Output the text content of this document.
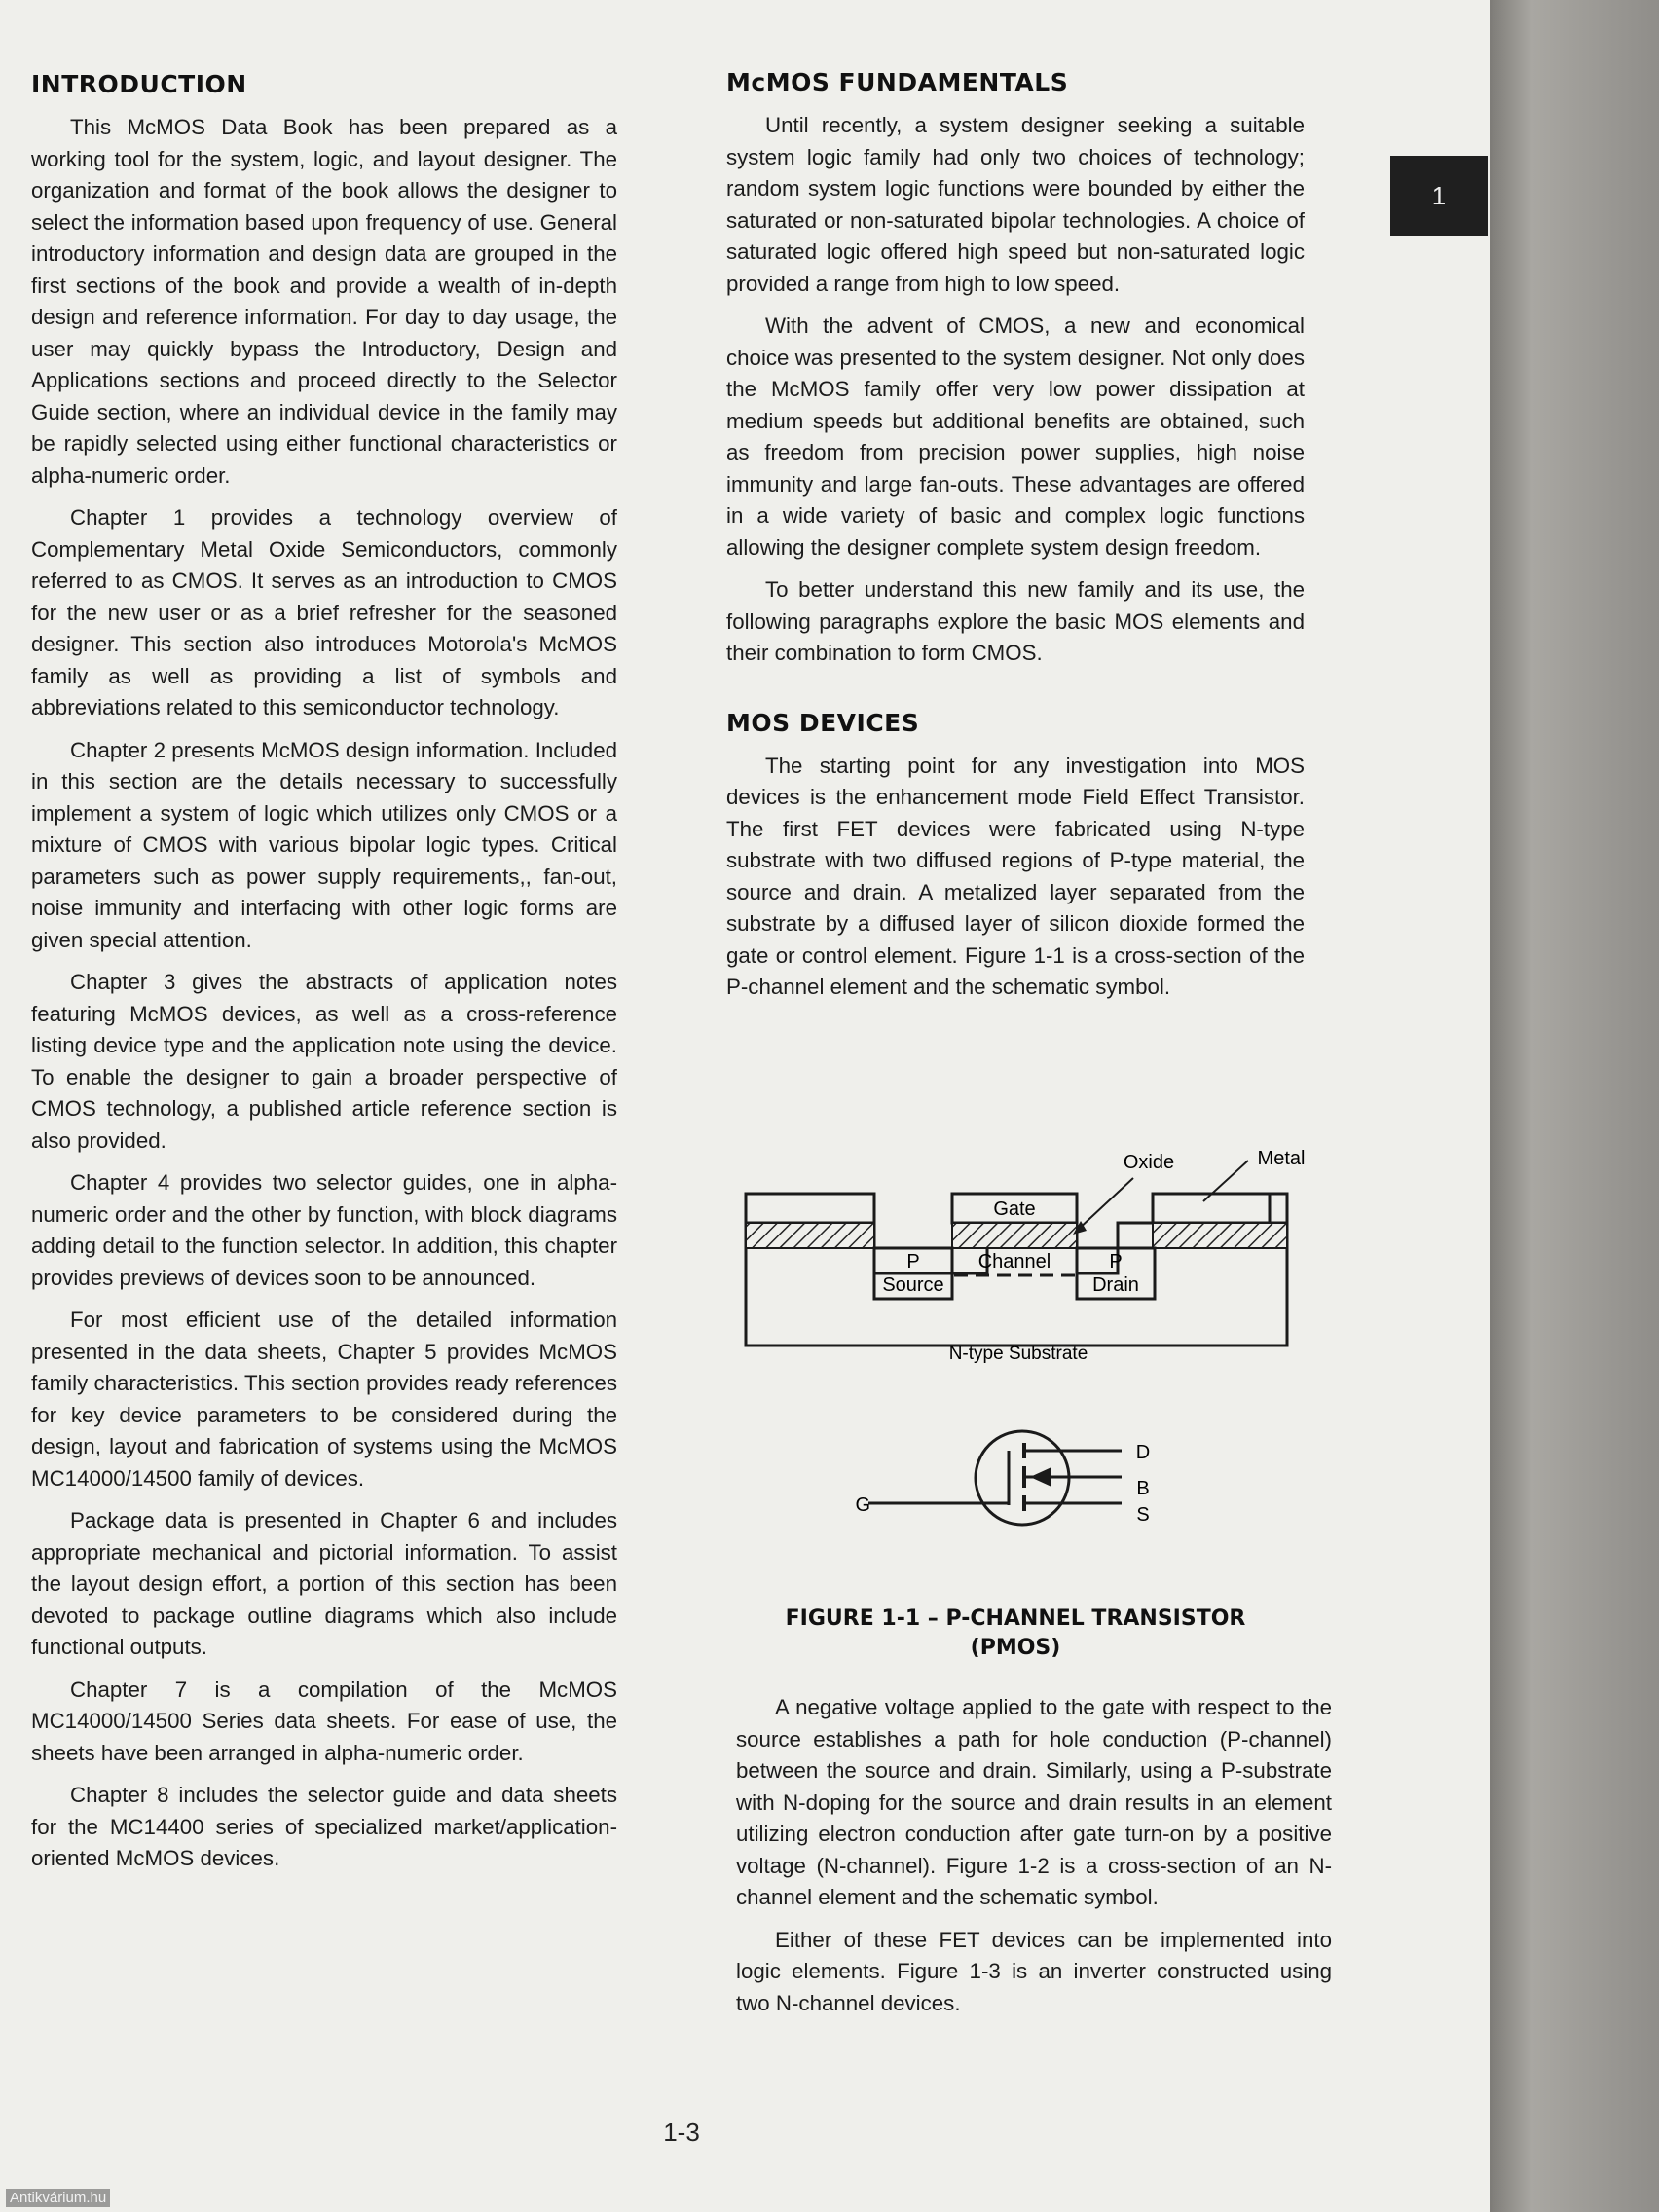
1
INTRODUCTION

This McMOS Data Book has been prepared as a working tool for the system, logic, and layout designer. The organization and format of the book allows the designer to select the information based upon frequency of use. General introductory information and design data are grouped in the first sections of the book and provide a wealth of in-depth design and reference information. For day to day usage, the user may quickly bypass the Introductory, Design and Applications sections and proceed directly to the Selector Guide section, where an individual device in the family may be rapidly selected using either functional characteristics or alpha-numeric order.

Chapter 1 provides a technology overview of Complementary Metal Oxide Semiconductors, commonly referred to as CMOS. It serves as an introduction to CMOS for the new user or as a brief refresher for the seasoned designer. This section also introduces Motorola's McMOS family as well as providing a list of symbols and abbreviations related to this semiconductor technology.

Chapter 2 presents McMOS design information. Included in this section are the details necessary to successfully implement a system of logic which utilizes only CMOS or a mixture of CMOS with various bipolar logic types. Critical parameters such as power supply requirements,, fan-out, noise immunity and interfacing with other logic forms are given special attention.

Chapter 3 gives the abstracts of application notes featuring McMOS devices, as well as a cross-reference listing device type and the application note using the device. To enable the designer to gain a broader perspective of CMOS technology, a published article reference section is also provided.

Chapter 4 provides two selector guides, one in alpha-numeric order and the other by function, with block diagrams adding detail to the function selector. In addition, this chapter provides previews of devices soon to be announced.

For most efficient use of the detailed information presented in the data sheets, Chapter 5 provides McMOS family characteristics. This section provides ready references for key device parameters to be considered during the design, layout and fabrication of systems using the McMOS MC14000/14500 family of devices.

Package data is presented in Chapter 6 and includes appropriate mechanical and pictorial information. To assist the layout design effort, a portion of this section has been devoted to package outline diagrams which also include functional outputs.

Chapter 7 is a compilation of the McMOS MC14000/14500 Series data sheets. For ease of use, the sheets have been arranged in alpha-numeric order.

Chapter 8 includes the selector guide and data sheets for the MC14400 series of specialized market/application-oriented McMOS devices.

McMOS FUNDAMENTALS

Until recently, a system designer seeking a suitable system logic family had only two choices of technology; random system logic functions were bounded by either the saturated or non-saturated bipolar technologies. A choice of saturated logic offered high speed but non-saturated logic provided a range from high to low speed.

With the advent of CMOS, a new and economical choice was presented to the system designer. Not only does the McMOS family offer very low power dissipation at medium speeds but additional benefits are obtained, such as freedom from precision power supplies, high noise immunity and large fan-outs. These advantages are offered in a wide variety of basic and complex logic functions allowing the designer complete system design freedom.

To better understand this new family and its use, the following paragraphs explore the basic MOS elements and their combination to form CMOS.

MOS DEVICES

The starting point for any investigation into MOS devices is the enhancement mode Field Effect Transistor. The first FET devices were fabricated using N-type substrate with two diffused regions of P-type material, the source and drain. A metalized layer separated from the substrate by a diffused layer of silicon dioxide formed the gate or control element. Figure 1-1 is a cross-section of the P-channel element and the schematic symbol.

Gate
P
Source
Channel	P
Drain
N-type Substrate
Oxide	Metal
D
B
S
G
FIGURE 1-1 – P-CHANNEL TRANSISTOR
(PMOS)

A negative voltage applied to the gate with respect to the source establishes a path for hole conduction (P-channel) between the source and drain. Similarly, using a P-substrate with N-doping for the source and drain results in an element utilizing electron conduction after gate turn-on by a positive voltage (N-channel). Figure 1-2 is a cross-section of an N-channel element and the schematic symbol.

Either of these FET devices can be implemented into logic elements. Figure 1-3 is an inverter constructed using two N-channel devices.

1-3
Antikvárium.hu
